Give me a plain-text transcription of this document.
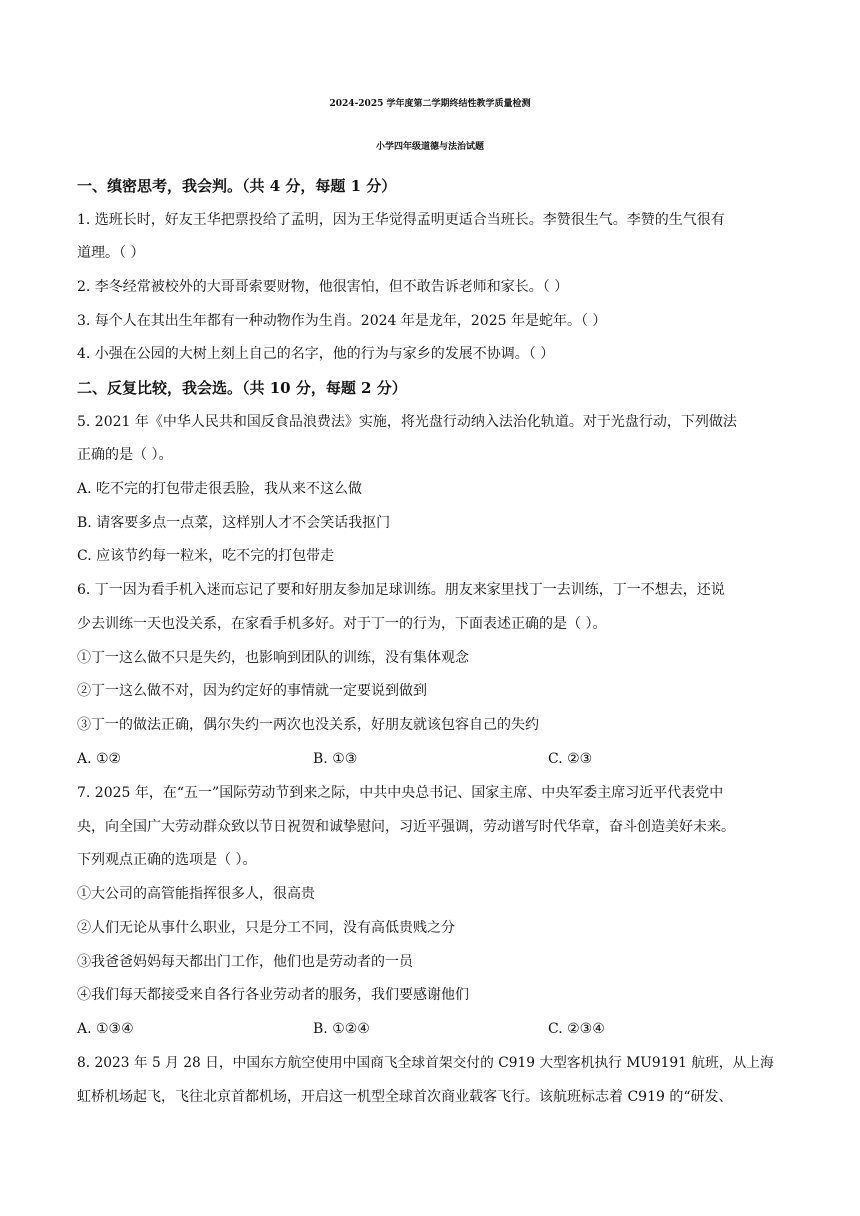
2024-2025 学年度第二学期终结性教学质量检测
小学四年级道德与法治试题
一、缜密思考，我会判。（共 4 分，每题 1 分）
1. 选班长时，好友王华把票投给了孟明，因为王华觉得孟明更适合当班长。李赞很生气。李赞的生气很有
道理。（ ）
2. 李冬经常被校外的大哥哥索要财物，他很害怕，但不敢告诉老师和家长。（ ）
3. 每个人在其出生年都有一种动物作为生肖。2024 年是龙年，2025 年是蛇年。（ ）
4. 小强在公园的大树上刻上自己的名字，他的行为与家乡的发展不协调。（ ）
二、反复比较，我会选。（共 10 分，每题 2 分）
5. 2021 年《中华人民共和国反食品浪费法》实施，将光盘行动纳入法治化轨道。对于光盘行动，下列做法
正确的是（ ）。
A. 吃不完的打包带走很丢脸，我从来不这么做
B. 请客要多点一点菜，这样别人才不会笑话我抠门
C. 应该节约每一粒米，吃不完的打包带走
6. 丁一因为看手机入迷而忘记了要和好朋友参加足球训练。朋友来家里找丁一去训练，丁一不想去，还说
少去训练一天也没关系，在家看手机多好。对于丁一的行为，下面表述正确的是（ ）。
①丁一这么做不只是失约，也影响到团队的训练，没有集体观念
②丁一这么做不对，因为约定好的事情就一定要说到做到
③丁一的做法正确，偶尔失约一两次也没关系，好朋友就该包容自己的失约
A. ①②	B. ①③	C. ②③
7. 2025 年，在“五一”国际劳动节到来之际，中共中央总书记、国家主席、中央军委主席习近平代表党中
央，向全国广大劳动群众致以节日祝贺和诚挚慰问，习近平强调，劳动谱写时代华章，奋斗创造美好未来。
下列观点正确的选项是（ ）。
①大公司的高管能指挥很多人，很高贵
②人们无论从事什么职业，只是分工不同，没有高低贵贱之分
③我爸爸妈妈每天都出门工作，他们也是劳动者的一员
④我们每天都接受来自各行各业劳动者的服务，我们要感谢他们
A. ①③④	B. ①②④	C. ②③④
8. 2023 年 5 月 28 日，中国东方航空使用中国商飞全球首架交付的 C919 大型客机执行 MU9191 航班，从上海
虹桥机场起飞，飞往北京首都机场，开启这一机型全球首次商业载客飞行。该航班标志着 C919 的“研发、
